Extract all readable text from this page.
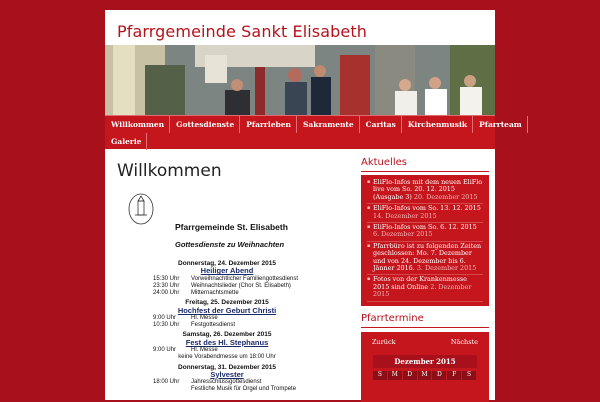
Pfarrgemeinde Sankt Elisabeth
Willkommen	Gottesdienste	Pfarrleben	Sakramente	Caritas	Kirchenmusik	Pfarrteam
Galerie
Willkommen
Pfarrgemeinde St. Elisabeth
Gottesdienste zu Weihnachten
Donnerstag, 24. Dezember 2015
Heiliger Abend
15:30 Uhr	Vorweihnachtlicher Familiengottesdienst
23:30 Uhr	Weihnachtslieder (Chor St. Elisabeth)
24:00 Uhr	Mitternachtsmette
Freitag, 25. Dezember 2015
Hochfest der Geburt Christi
9:00 Uhr	Hl. Messe
10:30 Uhr	Festgottesdienst
Samstag, 26. Dezember 2015
Fest des Hl. Stephanus
9:00 Uhr	Hl. Messe
keine Vorabendmesse um 18:00 Uhr
Donnerstag, 31. Dezember 2015
Sylvester
18:00 Uhr	Jahresschlussgottesdienst
Festliche Musik für Orgel und Trompete
Aktuelles
▪ EliFlo-Infos mit dem neuen EliFlo live vom So. 20. 12. 2015 (Ausgabe 3) 20. Dezember 2015
▪ EliFlo-Infos vom So. 13. 12. 2015 14. Dezember 2015
▪ EliFlo-Infos vom So. 6. 12. 2015 6. Dezember 2015
▪ Pfarrbüro ist zu folgenden Zeiten geschlossen: Mo. 7. Dezember und von 24. Dezember bis 6. Jänner 2016. 3. Dezember 2015
▪ Fotos von der Krankenmesse 2015 sind Online 2. Dezember 2015
Pfarrtermine
Zurück	Nächste
Dezember 2015
S	M	D	M	D	F	S
